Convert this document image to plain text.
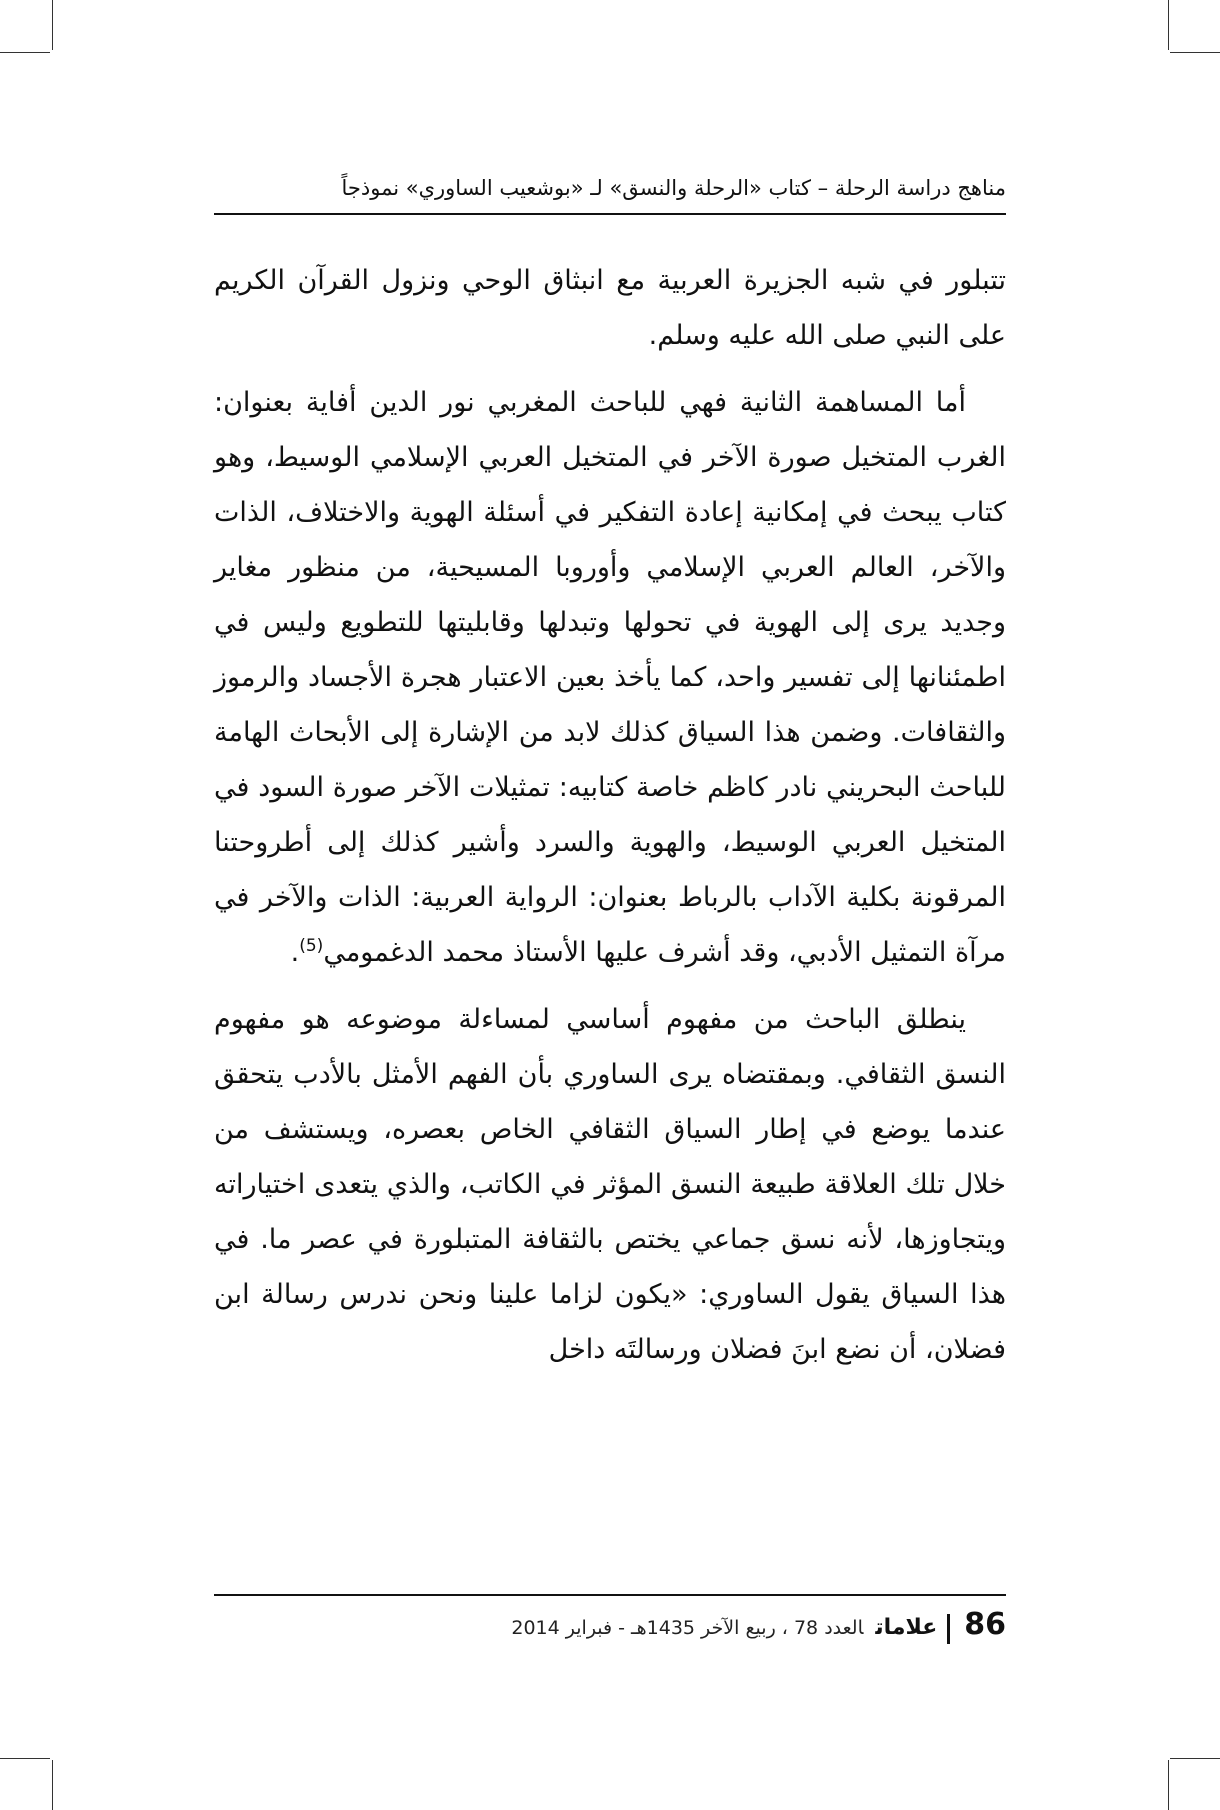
مناهج دراسة الرحلة – كتاب «الرحلة والنسق» لـ «بوشعيب الساوري» نموذجاً

تتبلور في شبه الجزيرة العربية مع انبثاق الوحي ونزول القرآن الكريم على النبي صلى الله عليه وسلم.

أما المساهمة الثانية فهي للباحث المغربي نور الدين أفاية بعنوان: الغرب المتخيل صورة الآخر في المتخيل العربي الإسلامي الوسيط، وهو كتاب يبحث في إمكانية إعادة التفكير في أسئلة الهوية والاختلاف، الذات والآخر، العالم العربي الإسلامي وأوروبا المسيحية، من منظور مغاير وجديد يرى إلى الهوية في تحولها وتبدلها وقابليتها للتطويع وليس في اطمئنانها إلى تفسير واحد، كما يأخذ بعين الاعتبار هجرة الأجساد والرموز والثقافات. وضمن هذا السياق كذلك لابد من الإشارة إلى الأبحاث الهامة للباحث البحريني نادر كاظم خاصة كتابيه: تمثيلات الآخر صورة السود في المتخيل العربي الوسيط، والهوية والسرد وأشير كذلك إلى أطروحتنا المرقونة بكلية الآداب بالرباط بعنوان: الرواية العربية: الذات والآخر في مرآة التمثيل الأدبي، وقد أشرف عليها الأستاذ محمد الدغمومي$^{(5)}$.

ينطلق الباحث من مفهوم أساسي لمساءلة موضوعه هو مفهوم النسق الثقافي. وبمقتضاه يرى الساوري بأن الفهم الأمثل بالأدب يتحقق عندما يوضع في إطار السياق الثقافي الخاص بعصره، ويستشف من خلال تلك العلاقة طبيعة النسق المؤثر في الكاتب، والذي يتعدى اختياراته ويتجاوزها، لأنه نسق جماعي يختص بالثقافة المتبلورة في عصر ما. في هذا السياق يقول الساوري: «يكون لزاما علينا ونحن ندرس رسالة ابن فضلان، أن نضع ابنَ فضلان ورسالتَه داخل

86علاماتالعدد 78 ، ربيع الآخر 1435هـ - فبراير 2014
